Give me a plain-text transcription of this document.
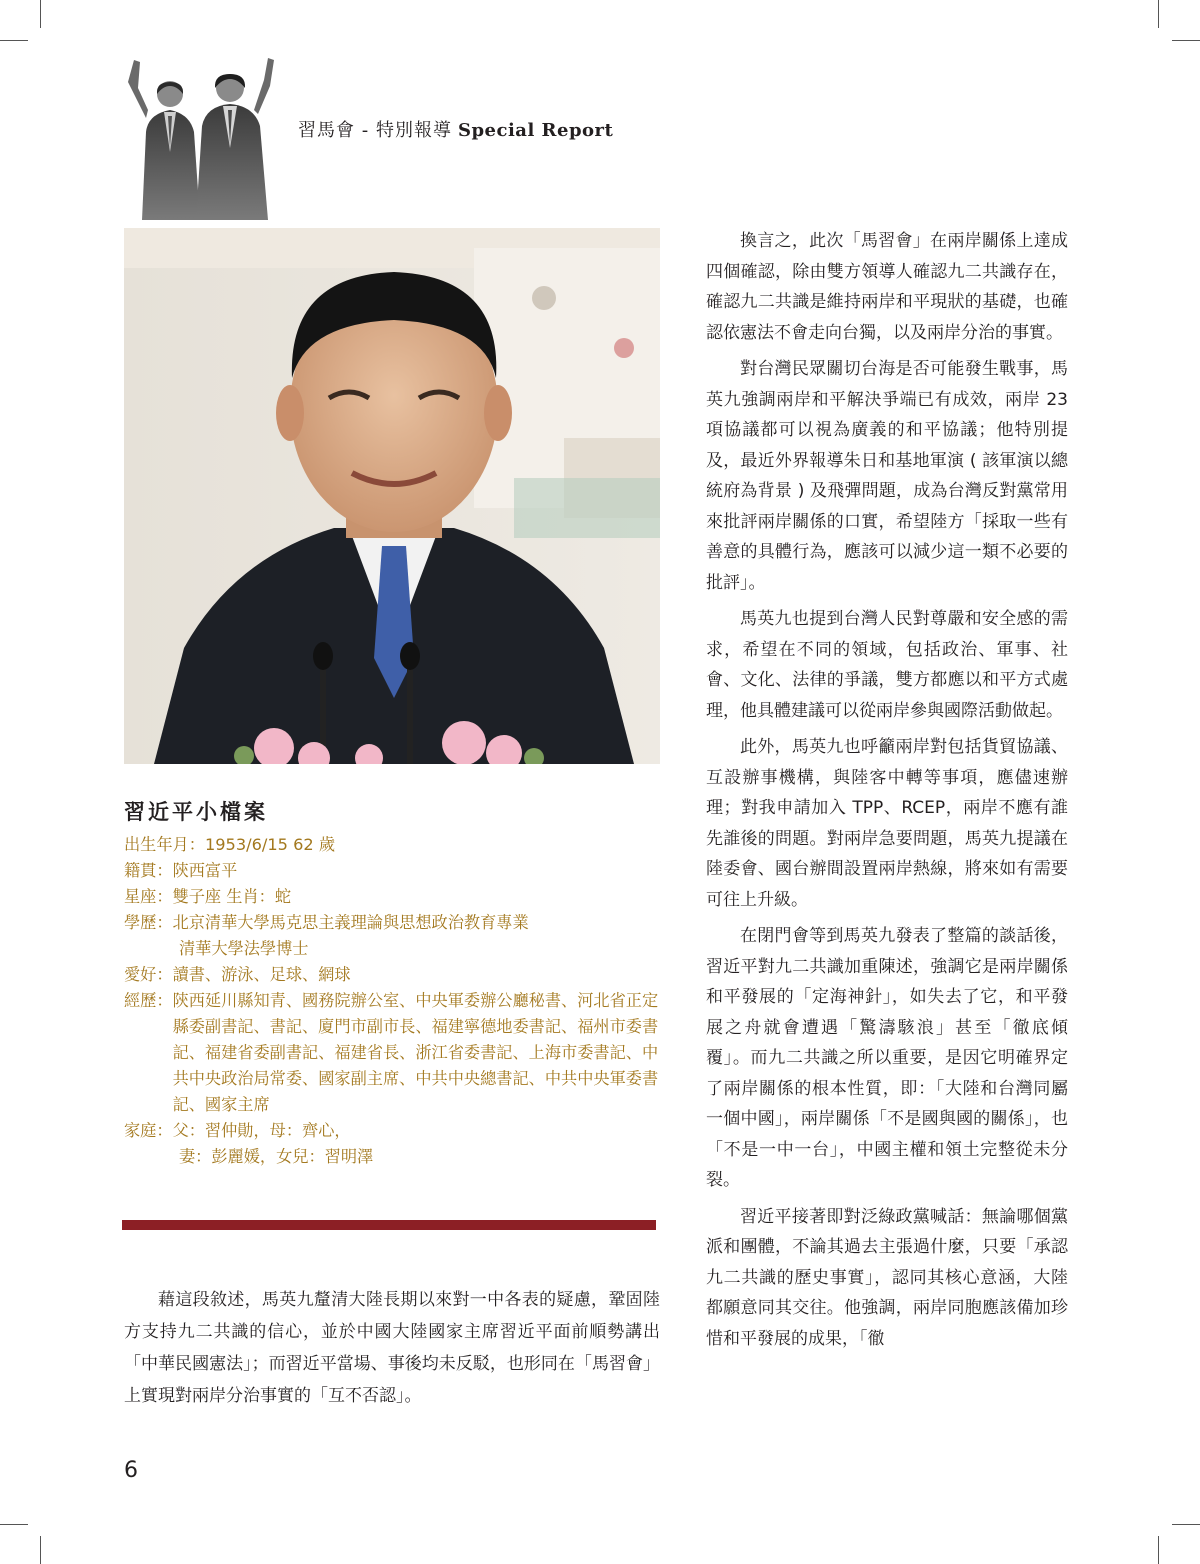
習馬會 - 特別報導 Special Report
習近平小檔案
出生年月： 1953/6/15 62 歲
籍貫： 陝西富平
星座： 雙子座 生肖：蛇
學歷： 北京清華大學馬克思主義理論與思想政治教育專業
清華大學法學博士
愛好： 讀書、游泳、足球、網球
經歷： 陝西延川縣知青、國務院辦公室、中央軍委辦公廳秘書、河北省正定縣委副書記、書記、廈門市副市長、福建寧德地委書記、福州市委書記、福建省委副書記、福建省長、浙江省委書記、上海市委書記、中共中央政治局常委、國家副主席、中共中央總書記、中共中央軍委書記、國家主席
家庭： 父：習仲勛，母：齊心，
妻：彭麗媛，女兒：習明澤

藉這段敘述，馬英九釐清大陸長期以來對一中各表的疑慮，鞏固陸方支持九二共識的信心，並於中國大陸國家主席習近平面前順勢講出「中華民國憲法」；而習近平當場、事後均未反駁，也形同在「馬習會」上實現對兩岸分治事實的「互不否認」。

換言之，此次「馬習會」在兩岸關係上達成四個確認，除由雙方領導人確認九二共識存在，確認九二共識是維持兩岸和平現狀的基礎，也確認依憲法不會走向台獨，以及兩岸分治的事實。

對台灣民眾關切台海是否可能發生戰事，馬英九強調兩岸和平解決爭端已有成效，兩岸 23 項協議都可以視為廣義的和平協議；他特別提及，最近外界報導朱日和基地軍演 ( 該軍演以總統府為背景 ) 及飛彈問題，成為台灣反對黨常用來批評兩岸關係的口實，希望陸方「採取一些有善意的具體行為，應該可以減少這一類不必要的批評」。

馬英九也提到台灣人民對尊嚴和安全感的需求，希望在不同的領域，包括政治、軍事、社會、文化、法律的爭議，雙方都應以和平方式處理，他具體建議可以從兩岸參與國際活動做起。

此外，馬英九也呼籲兩岸對包括貨貿協議、互設辦事機構，與陸客中轉等事項，應儘速辦理；對我申請加入 TPP、RCEP，兩岸不應有誰先誰後的問題。對兩岸急要問題，馬英九提議在陸委會、國台辦間設置兩岸熱線，將來如有需要可往上升級。

在閉門會等到馬英九發表了整篇的談話後，習近平對九二共識加重陳述，強調它是兩岸關係和平發展的「定海神針」，如失去了它，和平發展之舟就會遭遇「驚濤駭浪」甚至「徹底傾覆」。而九二共識之所以重要，是因它明確界定了兩岸關係的根本性質，即：「大陸和台灣同屬一個中國」，兩岸關係「不是國與國的關係」，也「不是一中一台」，中國主權和領土完整從未分裂。

習近平接著即對泛綠政黨喊話：無論哪個黨派和團體，不論其過去主張過什麼，只要「承認九二共識的歷史事實」，認同其核心意涵，大陸都願意同其交往。他強調，兩岸同胞應該備加珍惜和平發展的成果，「徹

6
